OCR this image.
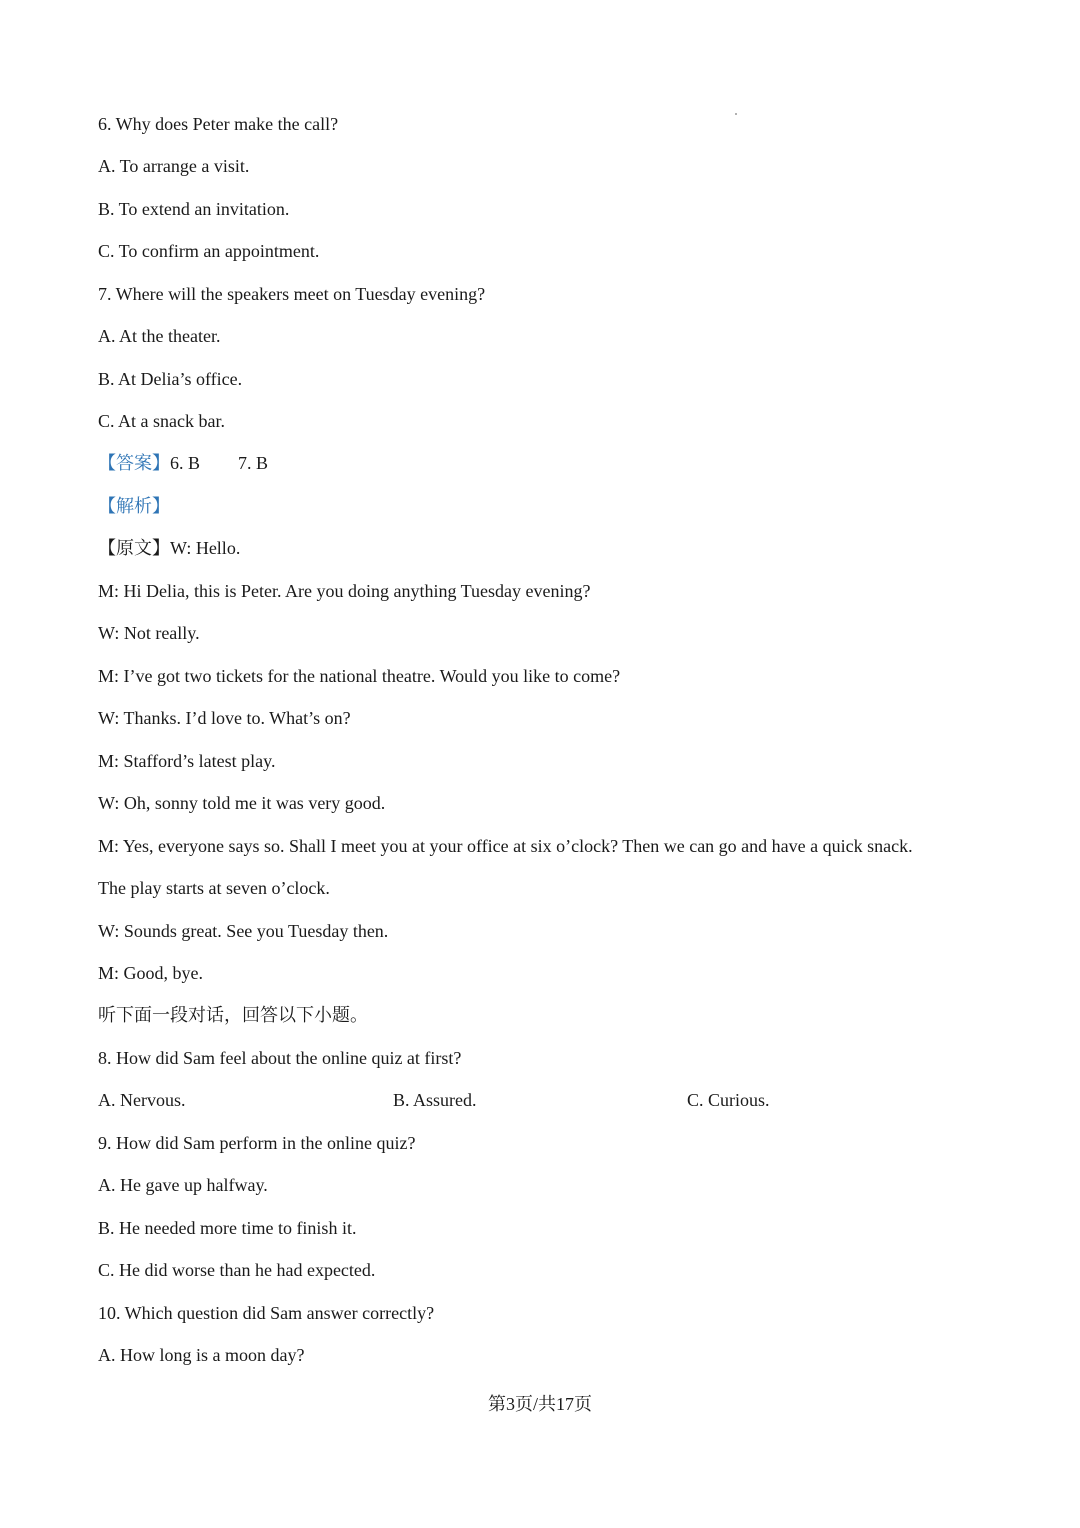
6. Why does Peter make the call?
A. To arrange a visit.
B. To extend an invitation.
C. To confirm an appointment.
7. Where will the speakers meet on Tuesday evening?
A. At the theater.
B. At Delia’s office.
C. At a snack bar.
【答案】6. B 7. B
【解析】
【原文】W: Hello.
M: Hi Delia, this is Peter. Are you doing anything Tuesday evening?
W: Not really.
M: I’ve got two tickets for the national theatre. Would you like to come?
W: Thanks. I’d love to. What’s on?
M: Stafford’s latest play.
W: Oh, sonny told me it was very good.
M: Yes, everyone says so. Shall I meet you at your office at six o’clock? Then we can go and have a quick snack.
The play starts at seven o’clock.
W: Sounds great. See you Tuesday then.
M: Good, bye.
听下面一段对话，回答以下小题。
8. How did Sam feel about the online quiz at first?
A. Nervous.	B. Assured.	C. Curious.
9. How did Sam perform in the online quiz?
A. He gave up halfway.
B. He needed more time to finish it.
C. He did worse than he had expected.
10. Which question did Sam answer correctly?
A. How long is a moon day?
第3页/共17页
